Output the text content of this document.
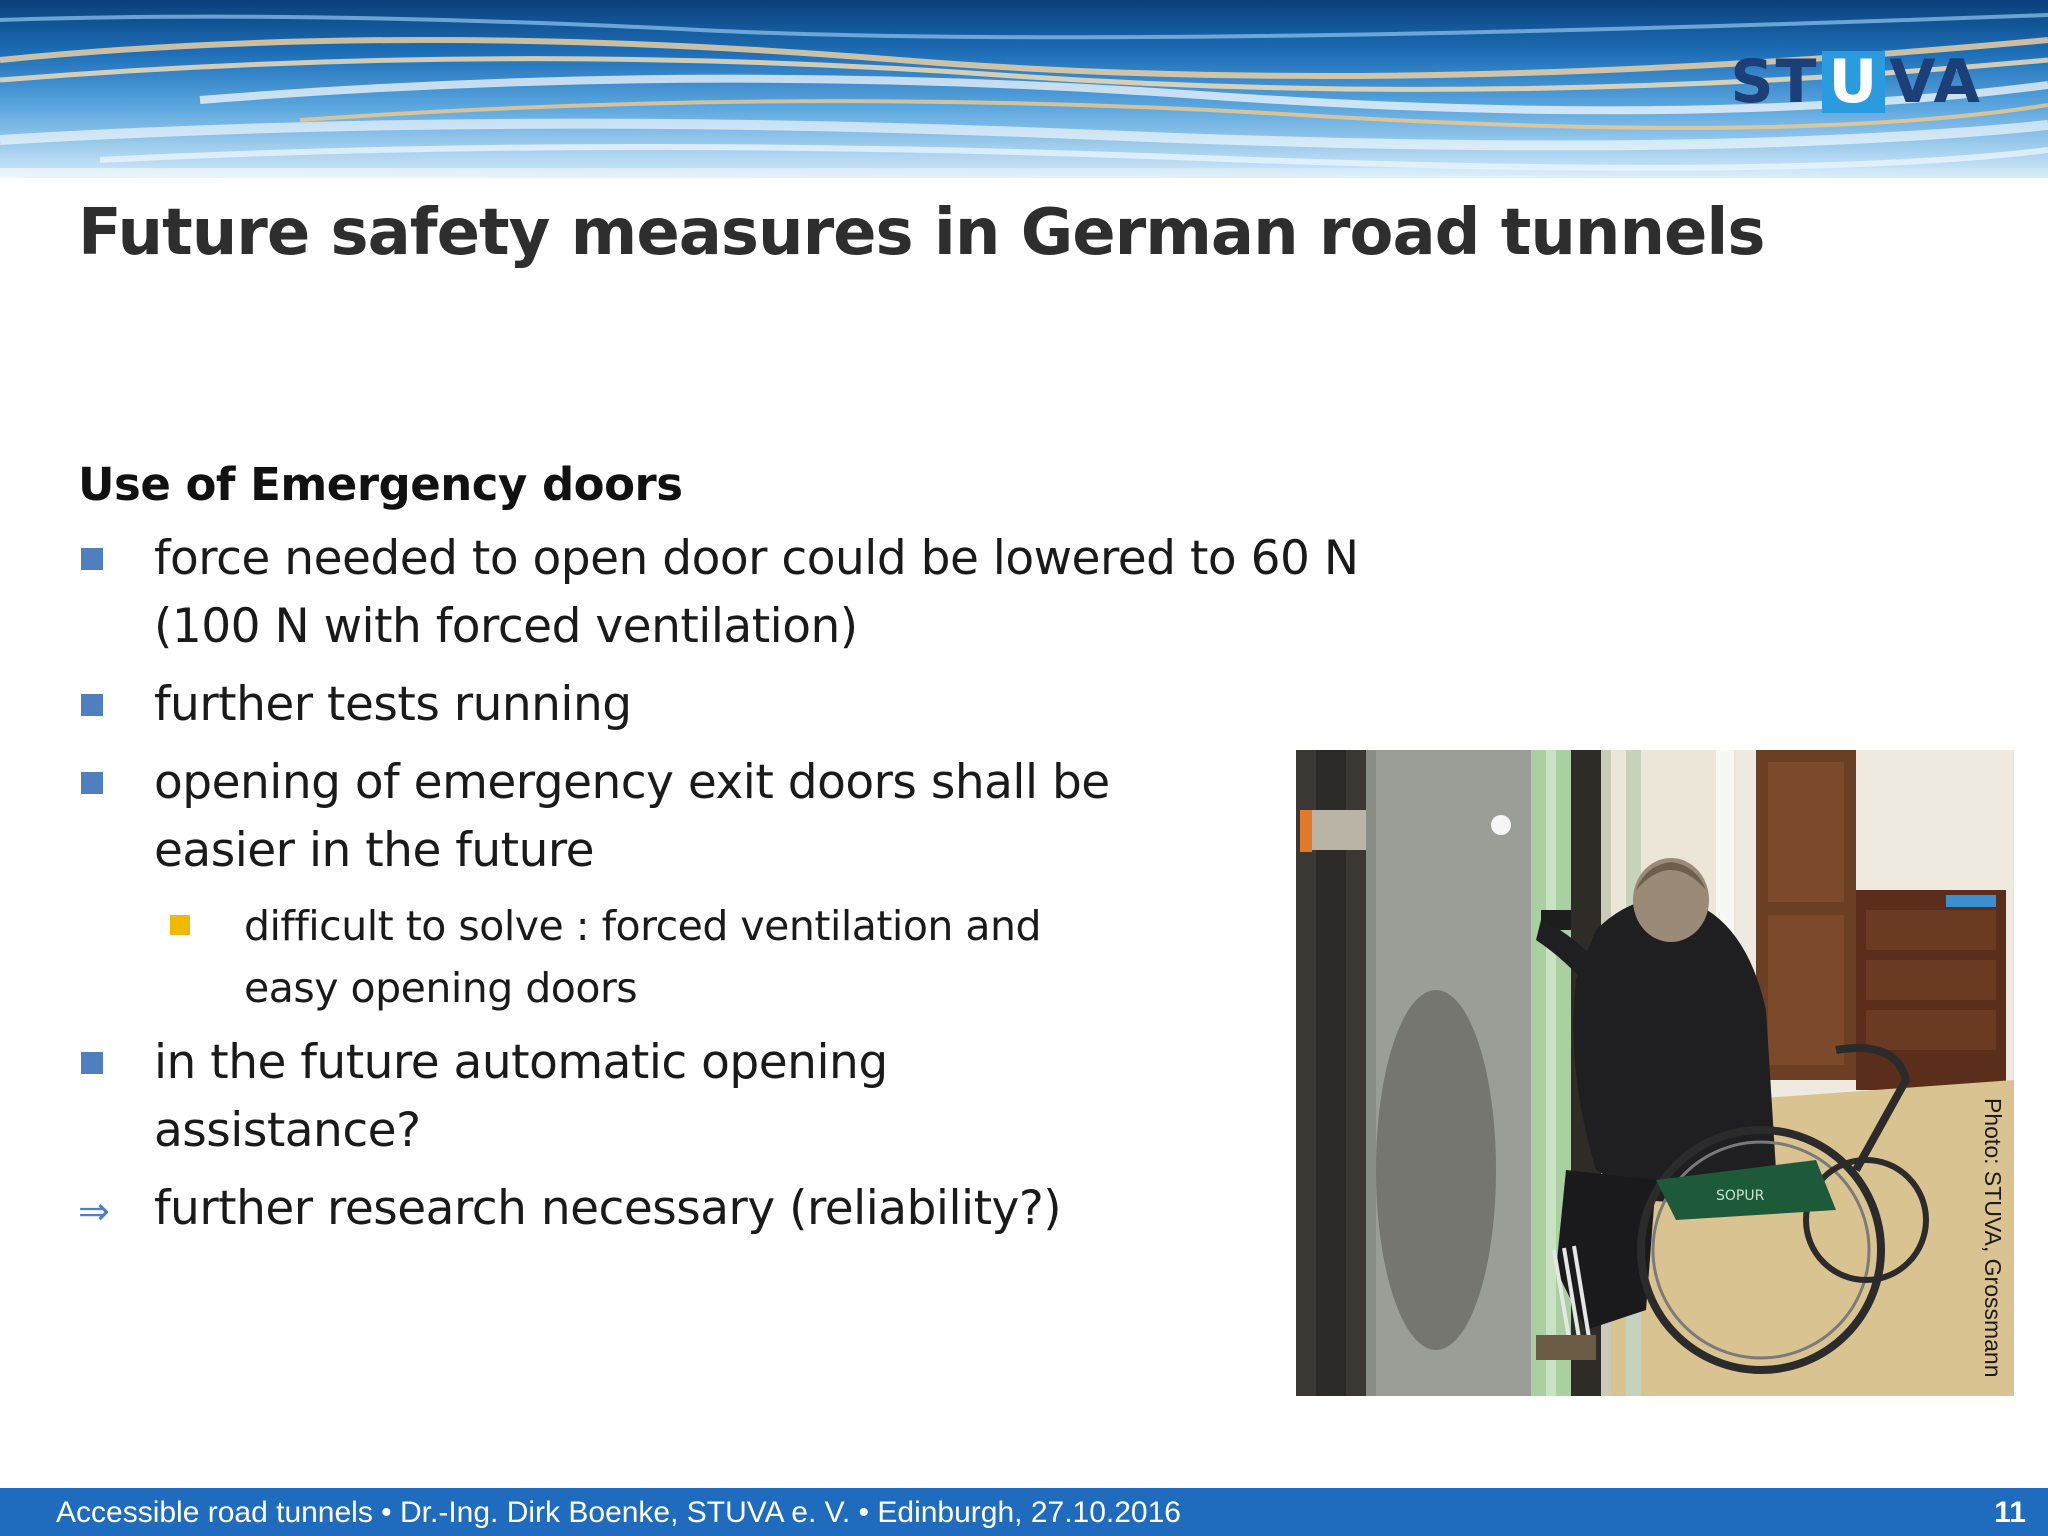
ST U VA
Future safety measures in German road tunnels
Use of Emergency doors
force needed to open door could be lowered to 60 N
(100 N with forced ventilation)
further tests running
opening of emergency exit doors shall be
easier in the future
difficult to solve : forced ventilation and
easy opening doors
in the future automatic opening
assistance?
⇒ further research necessary (reliability?)	SOPUR	Photo: STUVA, Grossmann
Accessible road tunnels • Dr.-Ing. Dirk Boenke, STUVA e. V. • Edinburgh, 27.10.2016	11
